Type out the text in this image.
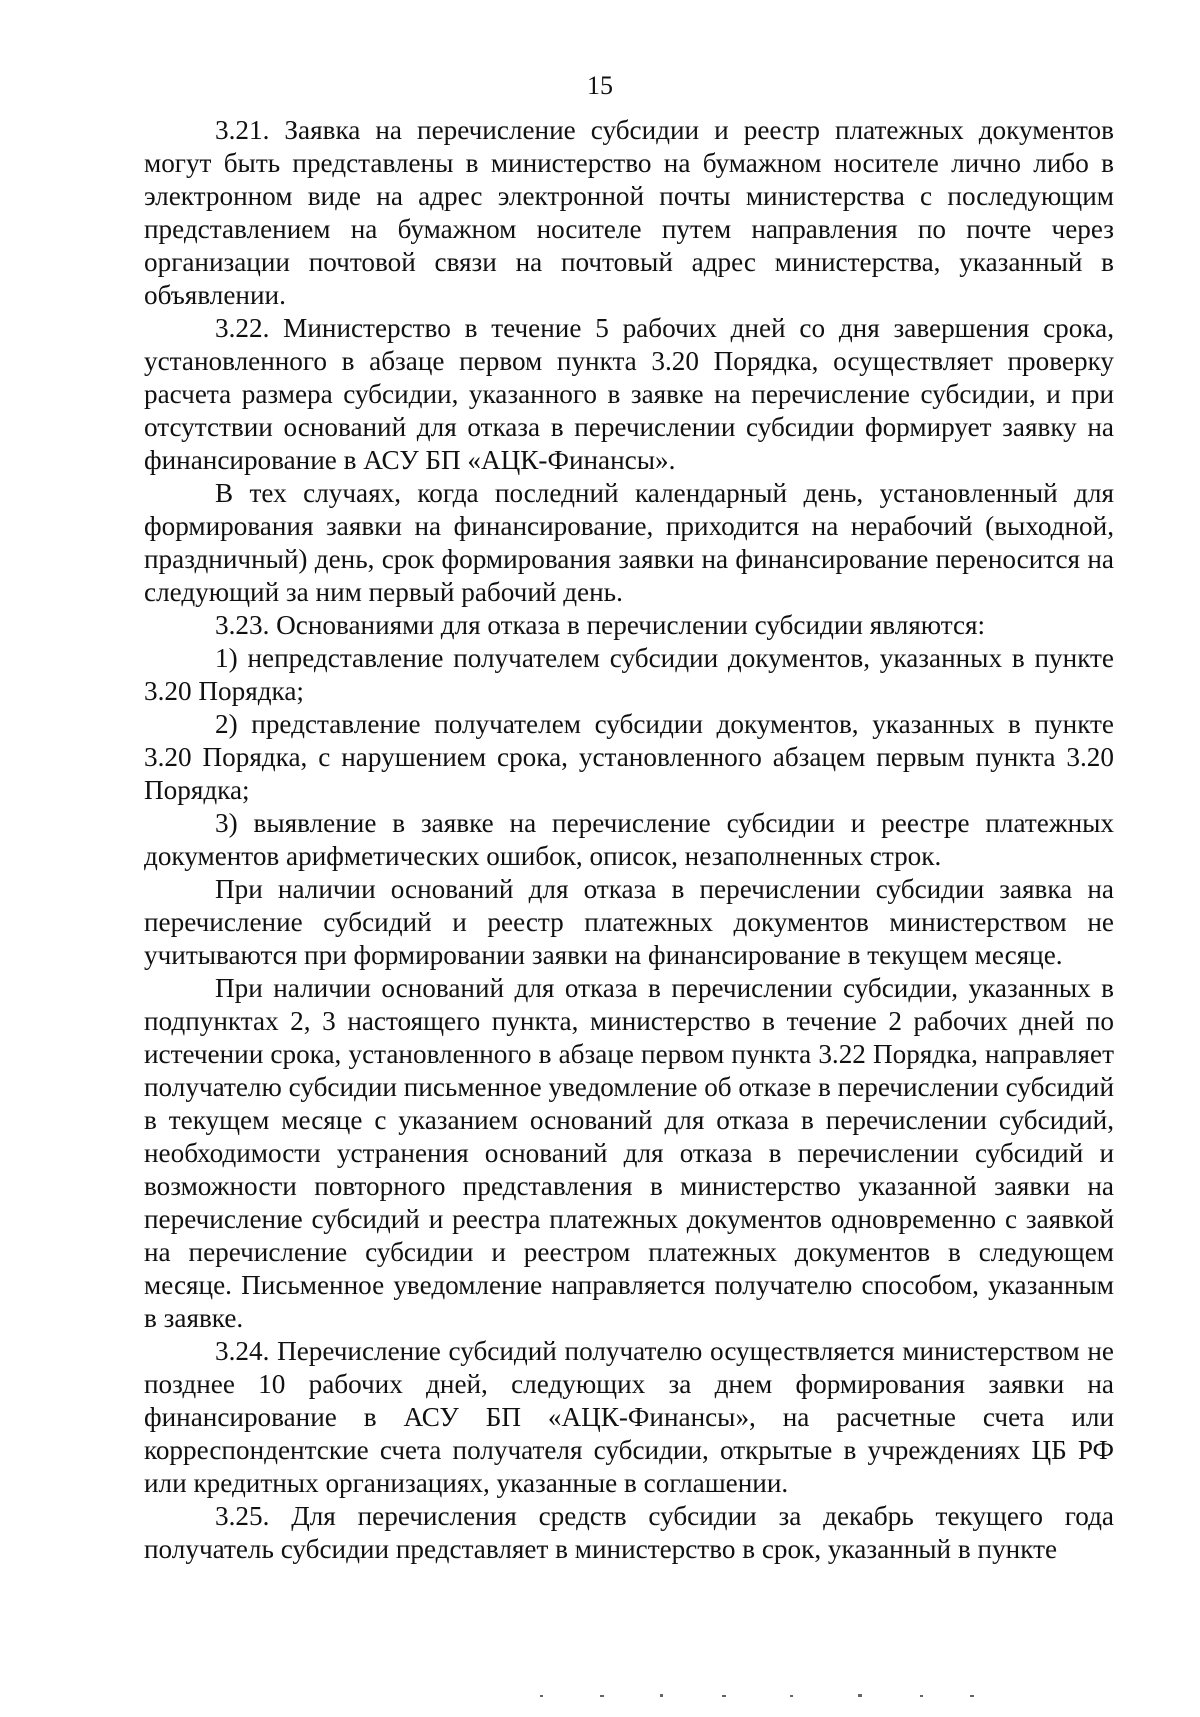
15

3.21. Заявка на перечисление субсидии и реестр платежных документов могут быть представлены в министерство на бумажном носителе лично либо в электронном виде на адрес электронной почты министерства с последующим представлением на бумажном носителе путем направления по почте через организации почтовой связи на почтовый адрес министерства, указанный в объявлении.

3.22. Министерство в течение 5 рабочих дней со дня завершения срока, установленного в абзаце первом пункта 3.20 Порядка, осуществляет проверку расчета размера субсидии, указанного в заявке на перечисление субсидии, и при отсутствии оснований для отказа в перечислении субсидии формирует заявку на финансирование в АСУ БП «АЦК-Финансы».

В тех случаях, когда последний календарный день, установленный для формирования заявки на финансирование, приходится на нерабочий (выходной, праздничный) день, срок формирования заявки на финансирование переносится на следующий за ним первый рабочий день.

3.23. Основаниями для отказа в перечислении субсидии являются:

1) непредставление получателем субсидии документов, указанных в пункте 3.20 Порядка;

2) представление получателем субсидии документов, указанных в пункте 3.20 Порядка, с нарушением срока, установленного абзацем первым пункта 3.20 Порядка;

3) выявление в заявке на перечисление субсидии и реестре платежных документов арифметических ошибок, описок, незаполненных строк.

При наличии оснований для отказа в перечислении субсидии заявка на перечисление субсидий и реестр платежных документов министерством не учитываются при формировании заявки на финансирование в текущем месяце.

При наличии оснований для отказа в перечислении субсидии, указанных в подпунктах 2, 3 настоящего пункта, министерство в течение 2 рабочих дней по истечении срока, установленного в абзаце первом пункта 3.22 Порядка, направляет получателю субсидии письменное уведомление об отказе в перечислении субсидий в текущем месяце с указанием оснований для отказа в перечислении субсидий, необходимости устранения оснований для отказа в перечислении субсидий и возможности повторного представления в министерство указанной заявки на перечисление субсидий и реестра платежных документов одновременно с заявкой на перечисление субсидии и реестром платежных документов в следующем месяце. Письменное уведомление направляется получателю способом, указанным в заявке.

3.24. Перечисление субсидий получателю осуществляется министерством не позднее 10 рабочих дней, следующих за днем формирования заявки на финансирование в АСУ БП «АЦК-Финансы», на расчетные счета или корреспондентские счета получателя субсидии, открытые в учреждениях ЦБ РФ или кредитных организациях, указанные в соглашении.

3.25. Для перечисления средств субсидии за декабрь текущего года получатель субсидии представляет в министерство в срок, указанный в пункте
